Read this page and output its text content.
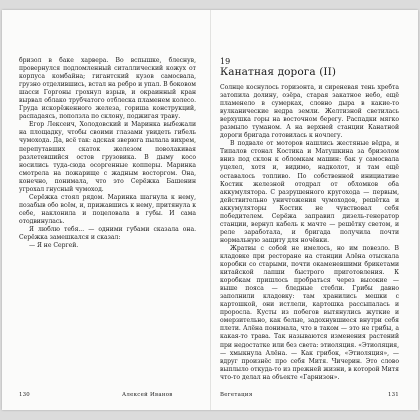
бризол в баке харвера. Во вспышке, блеснув, провернулся подломленный ситаллический кожух от корпуса комбайна; гигантский кузов самосвала, грузно отделившись, встал на ребро и упал. В боковом шасси Горгоны грохнул взрыв, и окраинный кран вырвал облако трубчатого отблеска пламенем колесо. Груда искорёженного железа, гориша конструкций, распадаясь, поползла по склону, поджигая траву.

Егор Лексеич, Холодовский и Маринка выбежали на площадку, чтобы своими глазами увидеть гибель чумохода. Да, всё так: адская зверюга пылала вихрем, перепутавших скаток железом поволакивая разлетевшийся остов грузовика. В дыму косо носились туда-сюда осоргенные копперы. Маринка смотрела на пожарище с жадным восторгом. Она, конечно, понимала, что это Серёжка Башенин угрохал гнусный чумоход.

Серёжка стоял рядом. Маринка шагнула к нему, позабыв обо всём, и, прижавшись к нему, притянула к себе, наклонила и поцеловала в губы. И сама отодвинулась.

Я люблю тебя... — одними губами сказала она. Серёжка замешкался и сказал:

— Я не Сергей.

130	Алексей Иванов
19
Канатная дорога (II)

Солнце коснулось горизонта, и сиреневая тень хребта затопила долину, озёра, старая закатное небо, ещё пламенело в сумерках, словно дыра в какие-то вулканические недра земли. Желтизной светилась верхушка горы на восточном берегу. Распадки мягко размыло туманом. А на верхней станции Канатной дороги бригада готовилась к ночлегу.

В подвале от моторов нашлись жестяные вёдра, и Типалов стонал Костика и Матушкина за бризолом вниз под склон к обломкам машин: бак у самосвала уцелел, хотя и, видимо, надколот, и там ещё оставалось топливо. По собственной инициативе Костик железной отодрал от обломков оба аккумулятора. С разрушенного кругохода — первым, действительно уничтожения чумоходов, решётка и аккумуляторы Костик не чувствовал себя победителем. Серёжа заправил дизель-генератор станции, вернул кабель к мачте — решётку светом, и реле заработала, и бригада получила почти нормальную защиту для ночёвки.

Жратвы с собой не имелось, но им повезло. В кладовке при ресторане на станции Алёна отыскала коробки со старыми, почти окаменевшими брикетами китайской лапши быстрого приготовления. К коробкам пришлось пробраться через высокие — выше пояса — бледные стебли. Грибы давно заполнили кладовку: там хранились мешки с картошкой, они истлели, картошка рассыпалась и проросла. Кусты из побегов вытянулись жуткие и омерзительно, как белые, задохнувшиеся внутри себя плети. Алёна понимала, что в таком — это не грибы, а какая-то трава. Так называются изменения растений при недостатке или без света: этиоляция. «Этиоляция, — хмыкнула Алёна. — Как грибок, «Этиоляция», — вдруг произнёс про себя Митя. Чичерин. Это слово выплыло откуда-то из прежней жизни, в которой Митя что-то делал на объекте «Гарнизон».

Вегетация	131
